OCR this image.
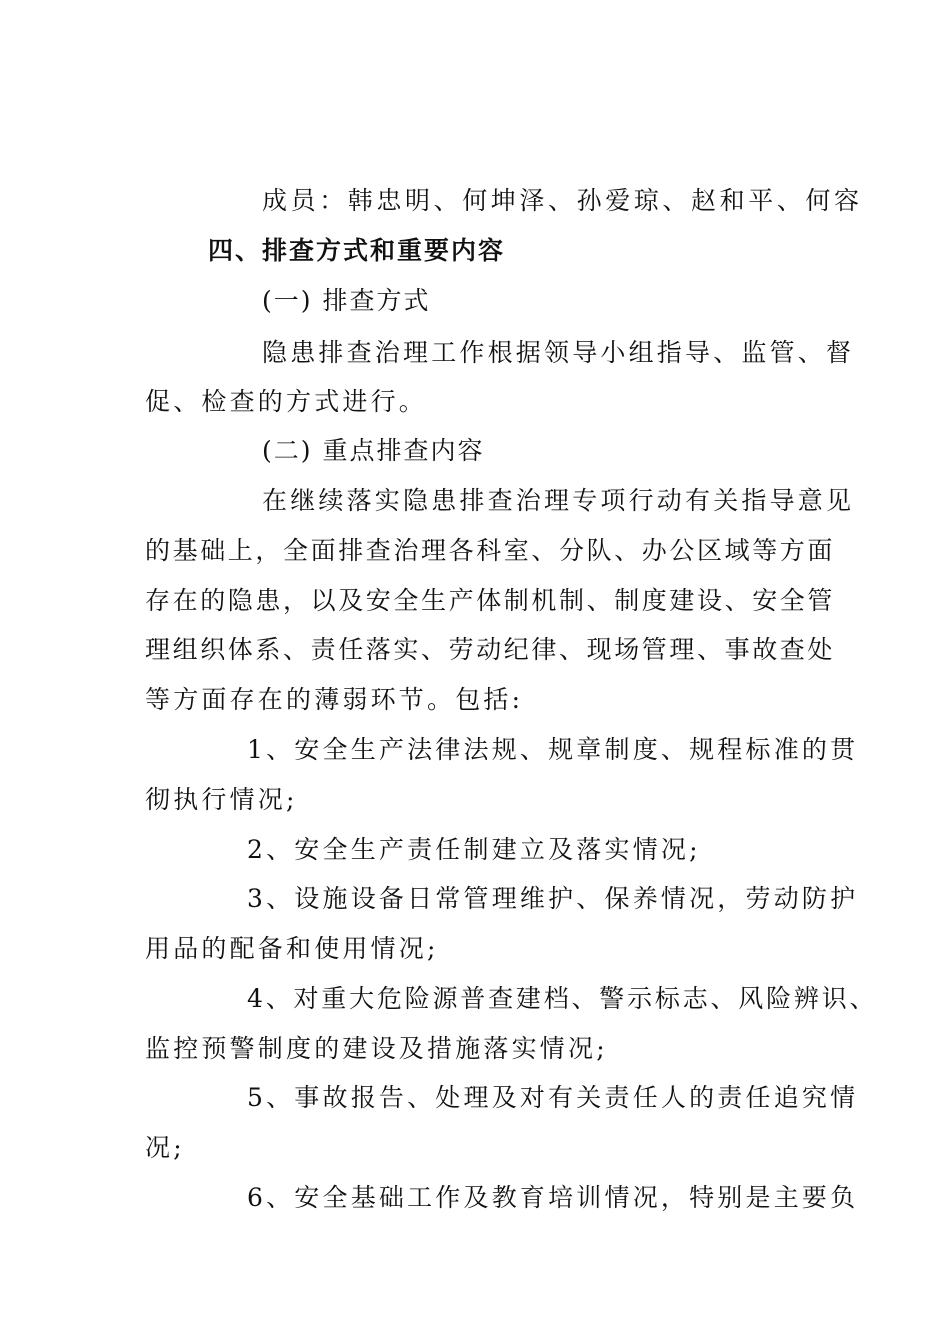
成员：韩忠明、何坤泽、孙爱琼、赵和平、何容
四、排查方式和重要内容
(一) 排查方式
隐患排查治理工作根据领导小组指导、监管、督
促、检查的方式进行。
(二) 重点排查内容
在继续落实隐患排查治理专项行动有关指导意见
的基础上，全面排查治理各科室、分队、办公区域等方面
存在的隐患，以及安全生产体制机制、制度建设、安全管
理组织体系、责任落实、劳动纪律、现场管理、事故查处
等方面存在的薄弱环节。包括:
1、安全生产法律法规、规章制度、规程标准的贯
彻执行情况;
2、安全生产责任制建立及落实情况;
3、设施设备日常管理维护、保养情况，劳动防护
用品的配备和使用情况;
4、对重大危险源普查建档、警示标志、风险辨识、
监控预警制度的建设及措施落实情况;
5、事故报告、处理及对有关责任人的责任追究情
况;
6、安全基础工作及教育培训情况，特别是主要负
